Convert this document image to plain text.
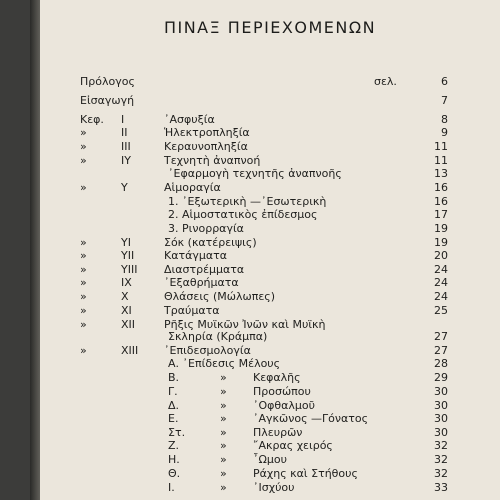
ΠΙΝΑΞ ΠΕΡΙΕΧΟΜΕΝΩΝ
Πρόλογος	σελ.	6
Εἰσαγωγή	7
Κεφ. I	᾿Ασφυξία	8
»	II	Ἡλεκτροπληξία	9
»	III	Κεραυνοπληξία	11
»	IY	Τεχνητὴ ἀναπνοή	11
᾿Εφαρμογὴ τεχνητῆς ἀναπνοῆς	13
»	Y	Αἱμοραγία	16
1. ᾿Εξωτερικὴ —᾿Εσωτερικὴ	16
2. Αἱμοστατικὸς ἐπίδεσμος	17
3. Ρινορραγία	19
»	YI	Σόκ (κατέρειψις)	19
»	YII	Κατάγματα	20
»	YIII	Διαστρέμματα	24
»	IX	᾿Εξαθρήματα	24
»	X	Θλάσεις (Μώλωπες)	24
»	XI	Τραύματα	25
»	XII	Ρῆξις Μυϊκῶν Ἰνῶν καὶ Μυϊκὴ
Σκληρία (Κράμπα)	27
»	XIII	᾿Επιδεσμολογία	27
Α. ᾿Επίδεσις Μέλους	28
Β.	» Κεφαλῆς	29
Γ.	» Προσώπου	30
Δ.	» ᾿Οφθαλμοῦ	30
Ε.	» ᾿Αγκῶνος —Γόνατος	30
Στ.	» Πλευρῶν	30
Ζ.	» ῎Ακρας χειρός	32
Η.	» ῏Ωμου	32
Θ.	» Ράχης καὶ Στήθους	32
Ι.	» ᾿Ισχύου	33
